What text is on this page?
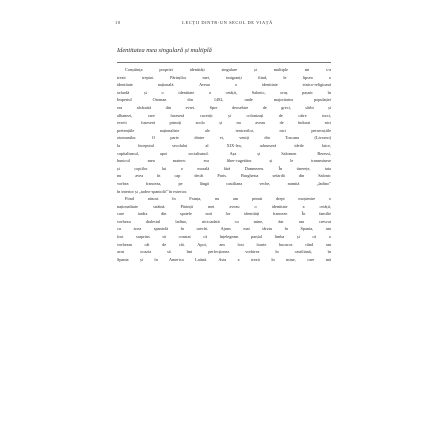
10	LECȚII DINTR-UN SECOL DE VIAȚĂ
Identitatea mea singulară și multiplă
Conștiința propriei identități singulare și multiple mi s-a
trezit treptat. Părinților mei, imigranți fiind, le lipsea o
identitate națională. Aveau o identitate etnico-religioasă
sefardă și o identitate a cetății, Salonic, oraș pașnic în
Imperiul Otoman din 1492, unde majoritatea populației
era alcătuită din evrei. Spre deosebire de greci, sârbi și
albanezi, care fuseseră cuceriți și colonizați de către turci,
evreii fuseseră primiți acolo și nu aveau de îndurat nici
pretențiile naționaliste ale ienicerilor, nici persecuțiile
otomanilor. O parte dintre ei, veniți din Toscana (Livorno)
la începutul secolului al XIX-lea, aduseseră ideile laice,
capitalismul, apoi socialismul. Așa și Salomon Beressi,
bunicul meu matern: era liber-cugetător și le transmisese
și copiilor lui o morală fără Dumnezeu. În tinerețe, tata
nu avea în cap decât Paris. Burghezia sefardă din Salonic
vorbea franceza, pe lângă castiliana veche, numită „ladino”
în interior și „iudeo-spaniolă” în exterior.
Fiind născut în Franța, nu am primit drept moștenire o
naționalitate străină. Părinții mei aveau o identitate a cetății,
care iradia din spatele noii lor identități franceze. În familie
vorbeau dialectul ladino, nicioadată cu mine, dar am crescut
cu acea spaniolă în urechi. Ajuns mai târziu în Spania, am
fost surprins să constat că înțelegeam parțial limba și că o
vorbeam cât de cât. Apoi, am fost foarte bucuros când am
avut ocazia să îmi perfecționez vorbirea în castiliană, în
Spania și în America Latină. Asta a trezit în mine, care mă
